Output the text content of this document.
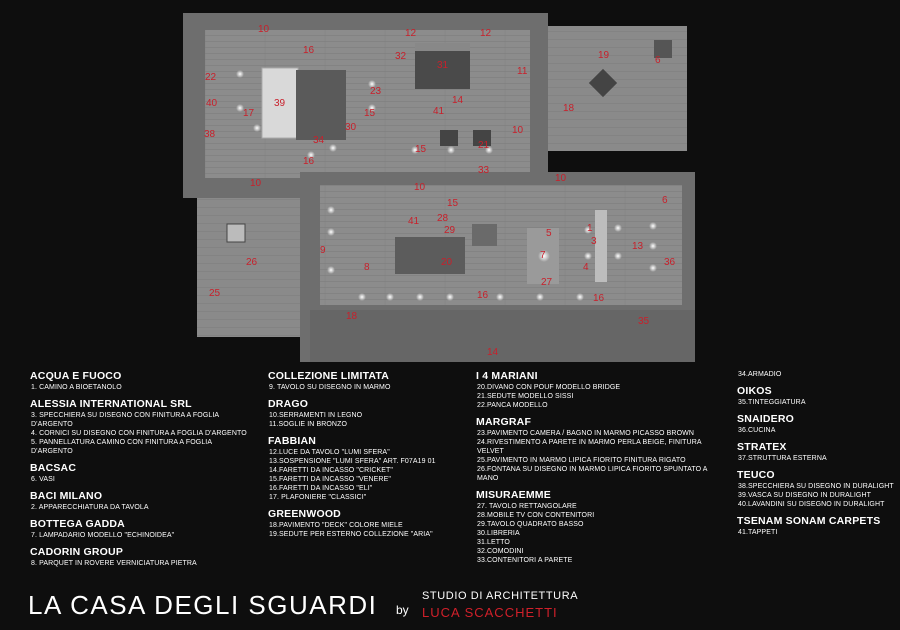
10
16
12
32
12
31
11
22
39
17
40
38
23
15
14
41
34
30
16
10
15	21
33
19	6
18
10	10
10
9
6
15
41
29
28
5	1
3	13
36
26
25
8	20
7
4
27
16	16
18
14
35
ACQUA E FUOCO
1. CAMINO A BIOETANOLO
ALESSIA INTERNATIONAL SRL
3. SPECCHIERA SU DISEGNO CON FINITURA A FOGLIA D'ARGENTO
4. CORNICI SU DISEGNO CON FINITURA A FOGLIA D'ARGENTO
5. PANNELLATURA CAMINO CON FINITURA A FOGLIA D'ARGENTO
BACSAC
6. VASI
BACI MILANO
2. APPARECCHIATURA DA TAVOLA
BOTTEGA GADDA
7. LAMPADARIO MODELLO "ECHINOIDEA"
CADORIN GROUP
8. PARQUET IN ROVERE VERNICIATURA PIETRA
COLLEZIONE LIMITATA
9. TAVOLO SU DISEGNO IN MARMO
DRAGO
10.SERRAMENTI IN LEGNO
11.SOGLIE IN BRONZO
FABBIAN
12.LUCE DA TAVOLO "LUMI SFERA"
13.SOSPENSIONE "LUMI SFERA" ART. F07A19 01
14.FARETTI DA INCASSO "CRICKET"
15.FARETTI DA INCASSO "VENERE"
16.FARETTI DA INCASSO "ELI"
17. PLAFONIERE "CLASSICI"
GREENWOOD
18.PAVIMENTO "DECK" COLORE MIELE
19.SEDUTE PER ESTERNO COLLEZIONE "ARIA"
I 4 MARIANI
20.DIVANO CON POUF MODELLO BRIDGE
21.SEDUTE MODELLO SISSI
22.PANCA MODELLO
MARGRAF
23.PAVIMENTO CAMERA / BAGNO IN MARMO PICASSO BROWN
24.RIVESTIMENTO A PARETE IN MARMO PERLA BEIGE, FINITURA VELVET
25.PAVIMENTO IN MARMO LIPICA FIORITO FINITURA RIGATO
26.FONTANA SU DISEGNO IN MARMO LIPICA FIORITO SPUNTATO A MANO
MISURAEMME
27. TAVOLO RETTANGOLARE
28.MOBILE TV CON CONTENITORI
29.TAVOLO QUADRATO BASSO
30.LIBRERIA
31.LETTO
32.COMODINI
33.CONTENITORI A PARETE
34.ARMADIO
OIKOS
35.TINTEGGIATURA
SNAIDERO
36.CUCINA
STRATEX
37.STRUTTURA ESTERNA
TEUCO
38.SPECCHIERA SU DISEGNO IN DURALIGHT
39.VASCA SU DISEGNO IN DURALIGHT
40.LAVANDINI SU DISEGNO IN DURALIGHT
TSENAM SONAM CARPETS
41.TAPPETI
LA CASA DEGLI SGUARDI by
STUDIO DI ARCHITETTURA
LUCA SCACCHETTI
